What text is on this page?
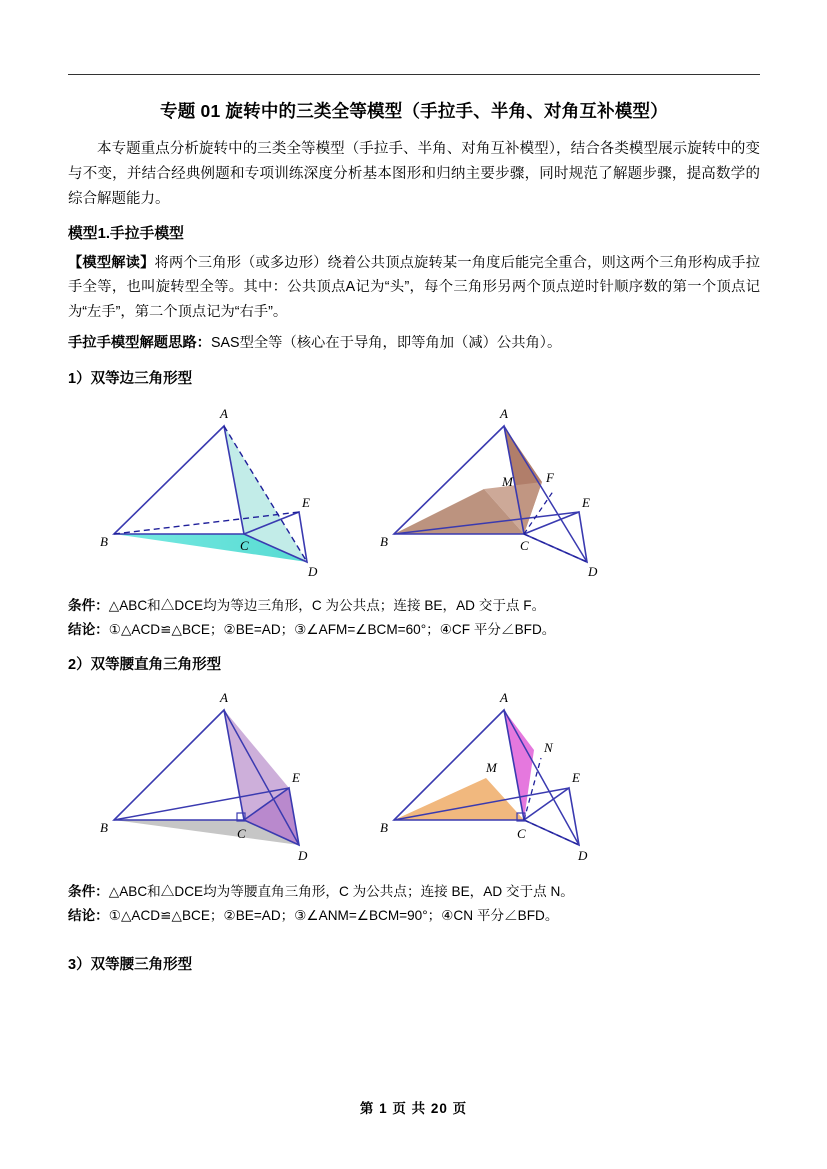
专题 01 旋转中的三类全等模型（手拉手、半角、对角互补模型）

本专题重点分析旋转中的三类全等模型（手拉手、半角、对角互补模型），结合各类模型展示旋转中的变与不变，并结合经典例题和专项训练深度分析基本图形和归纳主要步骤，同时规范了解题步骤，提高数学的综合解题能力。

模型1.手拉手模型

【模型解读】将两个三角形（或多边形）绕着公共顶点旋转某一角度后能完全重合，则这两个三角形构成手拉手全等，也叫旋转型全等。其中：公共顶点A记为“头”，每个三角形另两个顶点逆时针顺序数的第一个顶点记为“左手”，第二个顶点记为“右手”。

手拉手模型解题思路：SAS型全等（核心在于导角，即等角加（减）公共角）。

1）双等边三角形型
A
B	C
D
E
A
B	C
D
E
F
M

条件：△ABC和△DCE均为等边三角形，C 为公共点；连接 BE，AD 交于点 F。

结论：①△ACD≌△BCE；②BE=AD；③∠AFM=∠BCM=60°；④CF 平分∠BFD。

2）双等腰直角三角形型
A
B	C
D
E
A
B	C
D
E
N
M

条件：△ABC和△DCE均为等腰直角三角形，C 为公共点；连接 BE，AD 交于点 N。

结论：①△ACD≌△BCE；②BE=AD；③∠ANM=∠BCM=90°；④CN 平分∠BFD。

3）双等腰三角形型
第 1 页 共 20 页
